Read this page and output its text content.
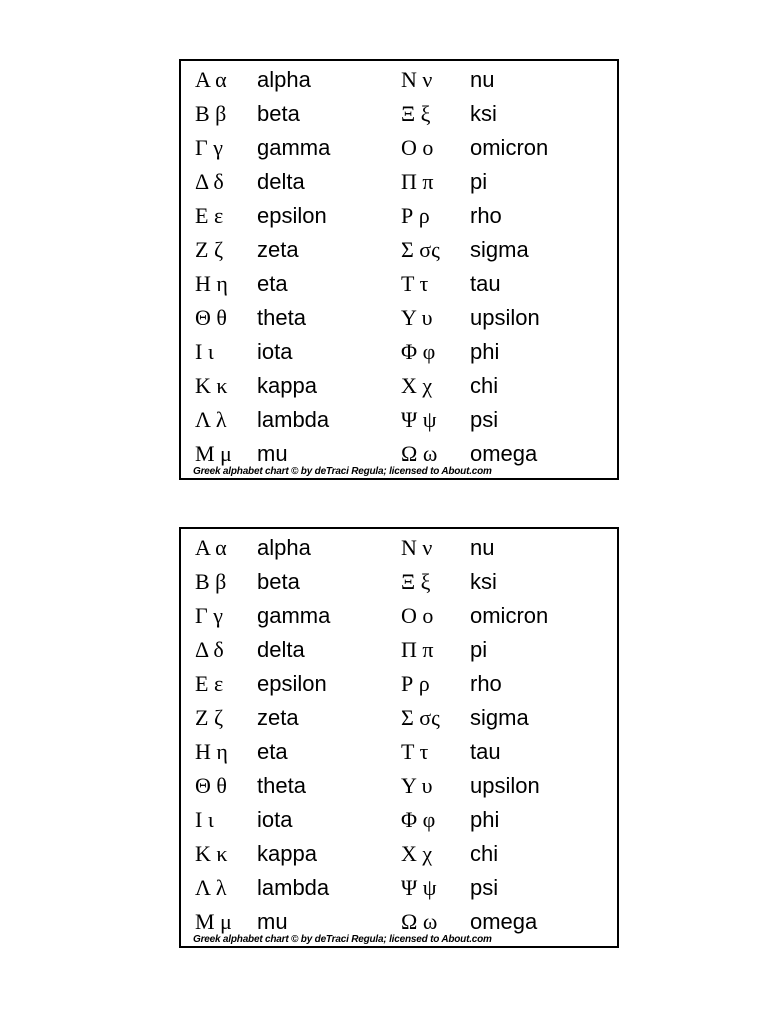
Α α alpha	Ν ν nu
Β β beta	Ξ ξ ksi
Γ γ gamma	Ο ο omicron
Δ δ delta	Π π pi
Ε ε epsilon	Ρ ρ rho
Ζ ζ zeta	Σ σς sigma
Η η eta	Τ τ tau
Θ θ theta	Υ υ upsilon
Ι ι iota	Φ φ phi
Κ κ kappa	Χ χ chi
Λ λ lambda	Ψ ψ psi
Μ μ mu	Ω ω omega
Greek alphabet chart © by deTraci Regula; licensed to About.com
Α α alpha	Ν ν nu
Β β beta	Ξ ξ ksi
Γ γ gamma	Ο ο omicron
Δ δ delta	Π π pi
Ε ε epsilon	Ρ ρ rho
Ζ ζ zeta	Σ σς sigma
Η η eta	Τ τ tau
Θ θ theta	Υ υ upsilon
Ι ι iota	Φ φ phi
Κ κ kappa	Χ χ chi
Λ λ lambda	Ψ ψ psi
Μ μ mu	Ω ω omega
Greek alphabet chart © by deTraci Regula; licensed to About.com
